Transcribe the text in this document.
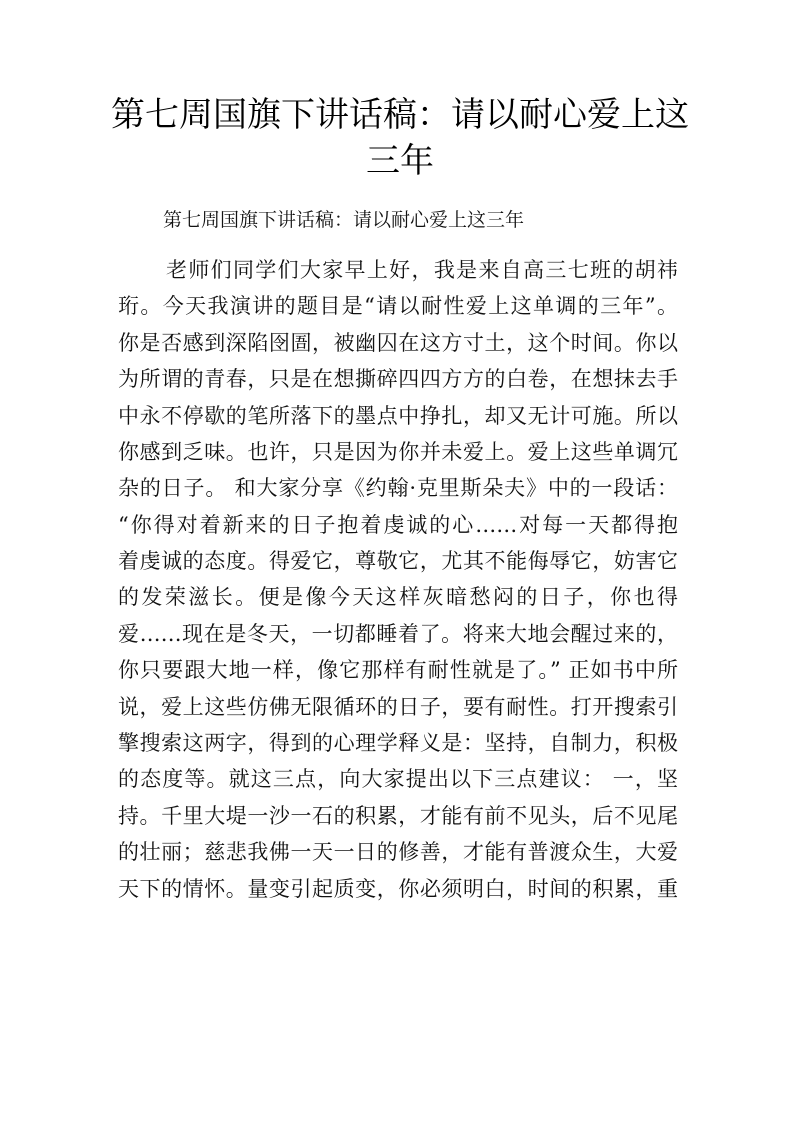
第七周国旗下讲话稿：请以耐心爱上这
三年
第七周国旗下讲话稿：请以耐心爱上这三年
老师们同学们大家早上好，我是来自高三七班的胡祎
珩。今天我演讲的题目是“请以耐性爱上这单调的三年”。
你是否感到深陷囹圄，被幽囚在这方寸土，这个时间。你以
为所谓的青春，只是在想撕碎四四方方的白卷，在想抹去手
中永不停歇的笔所落下的墨点中挣扎，却又无计可施。所以
你感到乏味。也许，只是因为你并未爱上。爱上这些单调冗
杂的日子。 和大家分享《约翰·克里斯朵夫》中的一段话：
“你得对着新来的日子抱着虔诚的心……对每一天都得抱
着虔诚的态度。得爱它，尊敬它，尤其不能侮辱它，妨害它
的发荣滋长。便是像今天这样灰暗愁闷的日子，你也得
爱……现在是冬天，一切都睡着了。将来大地会醒过来的，
你只要跟大地一样，像它那样有耐性就是了。” 正如书中所
说，爱上这些仿佛无限循环的日子，要有耐性。打开搜索引
擎搜索这两字，得到的心理学释义是：坚持，自制力，积极
的态度等。就这三点，向大家提出以下三点建议： 一，坚
持。千里大堤一沙一石的积累，才能有前不见头，后不见尾
的壮丽；慈悲我佛一天一日的修善，才能有普渡众生，大爱
天下的情怀。量变引起质变，你必须明白，时间的积累，重
